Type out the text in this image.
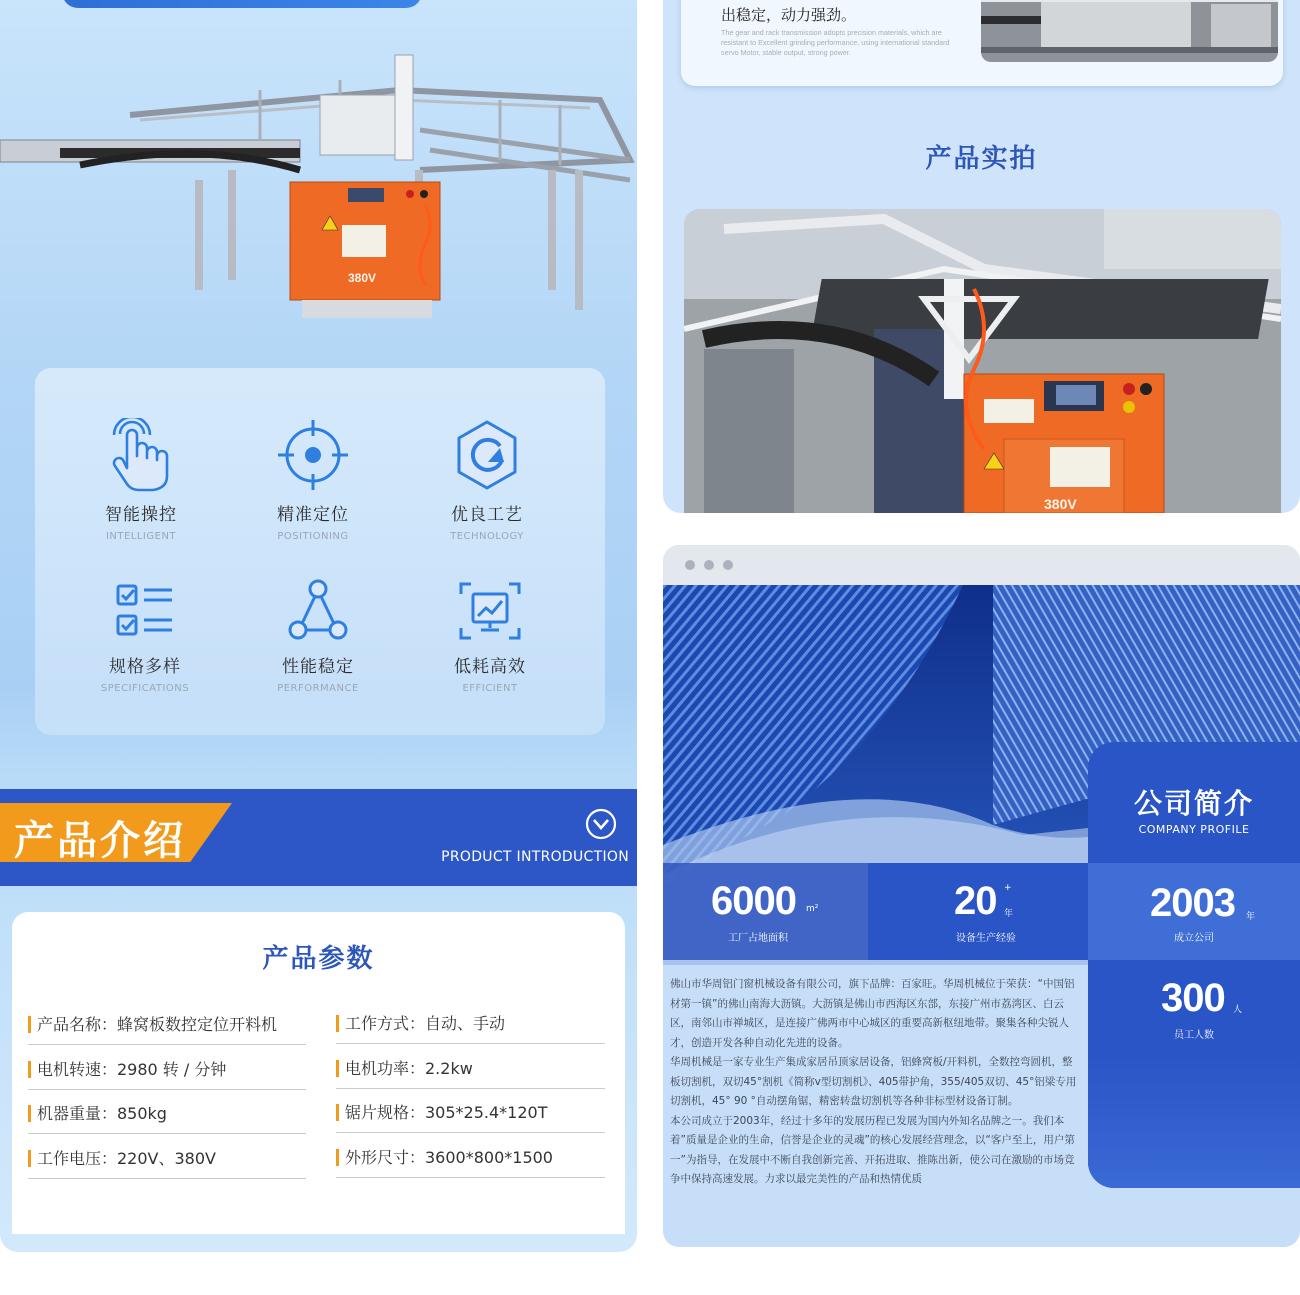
380V
智能操控
INTELLIGENT
精准定位
POSITIONING
优良工艺
TECHNOLOGY
规格多样
SPECIFICATIONS
性能稳定
PERFORMANCE
低耗高效
EFFICIENT
产品介绍	PRODUCT INTRODUCTION
产品参数
产品名称：蜂窝板数控定位开料机	工作方式：自动、手动
电机转速：2980 转 / 分钟	电机功率：2.2kw
机器重量：850kg	锯片规格：305*25.4*120T
工作电压：220V、380V	外形尺寸：3600*800*1500
出稳定，动力强劲。
The gear and rack transmission adopts precision materials, which are resistant to Excellent grinding performance, using international standard servo Motor, stable output, strong power.
产品实拍
380V
6000 m²
工厂占地面积
20 +
年
设备生产经验
公司简介
COMPANY PROFILE
2003 年
成立公司
300 人
员工人数

佛山市华周铝门窗机械设备有限公司，旗下品牌：百家旺。华周机械位于荣获：“中国铝材第一镇”的佛山南海大沥镇。大沥镇是佛山市西海区东部，东接广州市荔湾区、白云区，南邻山市禅城区，是连接广佛两市中心城区的重要高新枢纽地带。聚集各种尖锐人才，创造开发各种自动化先进的设备。

华周机械是一家专业生产集成家居吊顶家居设备，铝蜂窝板/开料机，全数控弯圆机，整板切割机，双切45°割机《简称v型切割机》、405带护角，355/405双切、45°铝梁专用切割机，45° 90 °自动摆角锯，精密转盘切割机等各种非标型材设备订制。

本公司成立于2003年，经过十多年的发展历程已发展为国内外知名品牌之一。我们本着”质量是企业的生命，信誉是企业的灵魂”的核心发展经营理念，以“客户至上，用户第一”为指导，在发展中不断自我创新完善、开拓进取、推陈出新，使公司在激励的市场竞争中保持高速发展。力求以最完美性的产品和热情优质
